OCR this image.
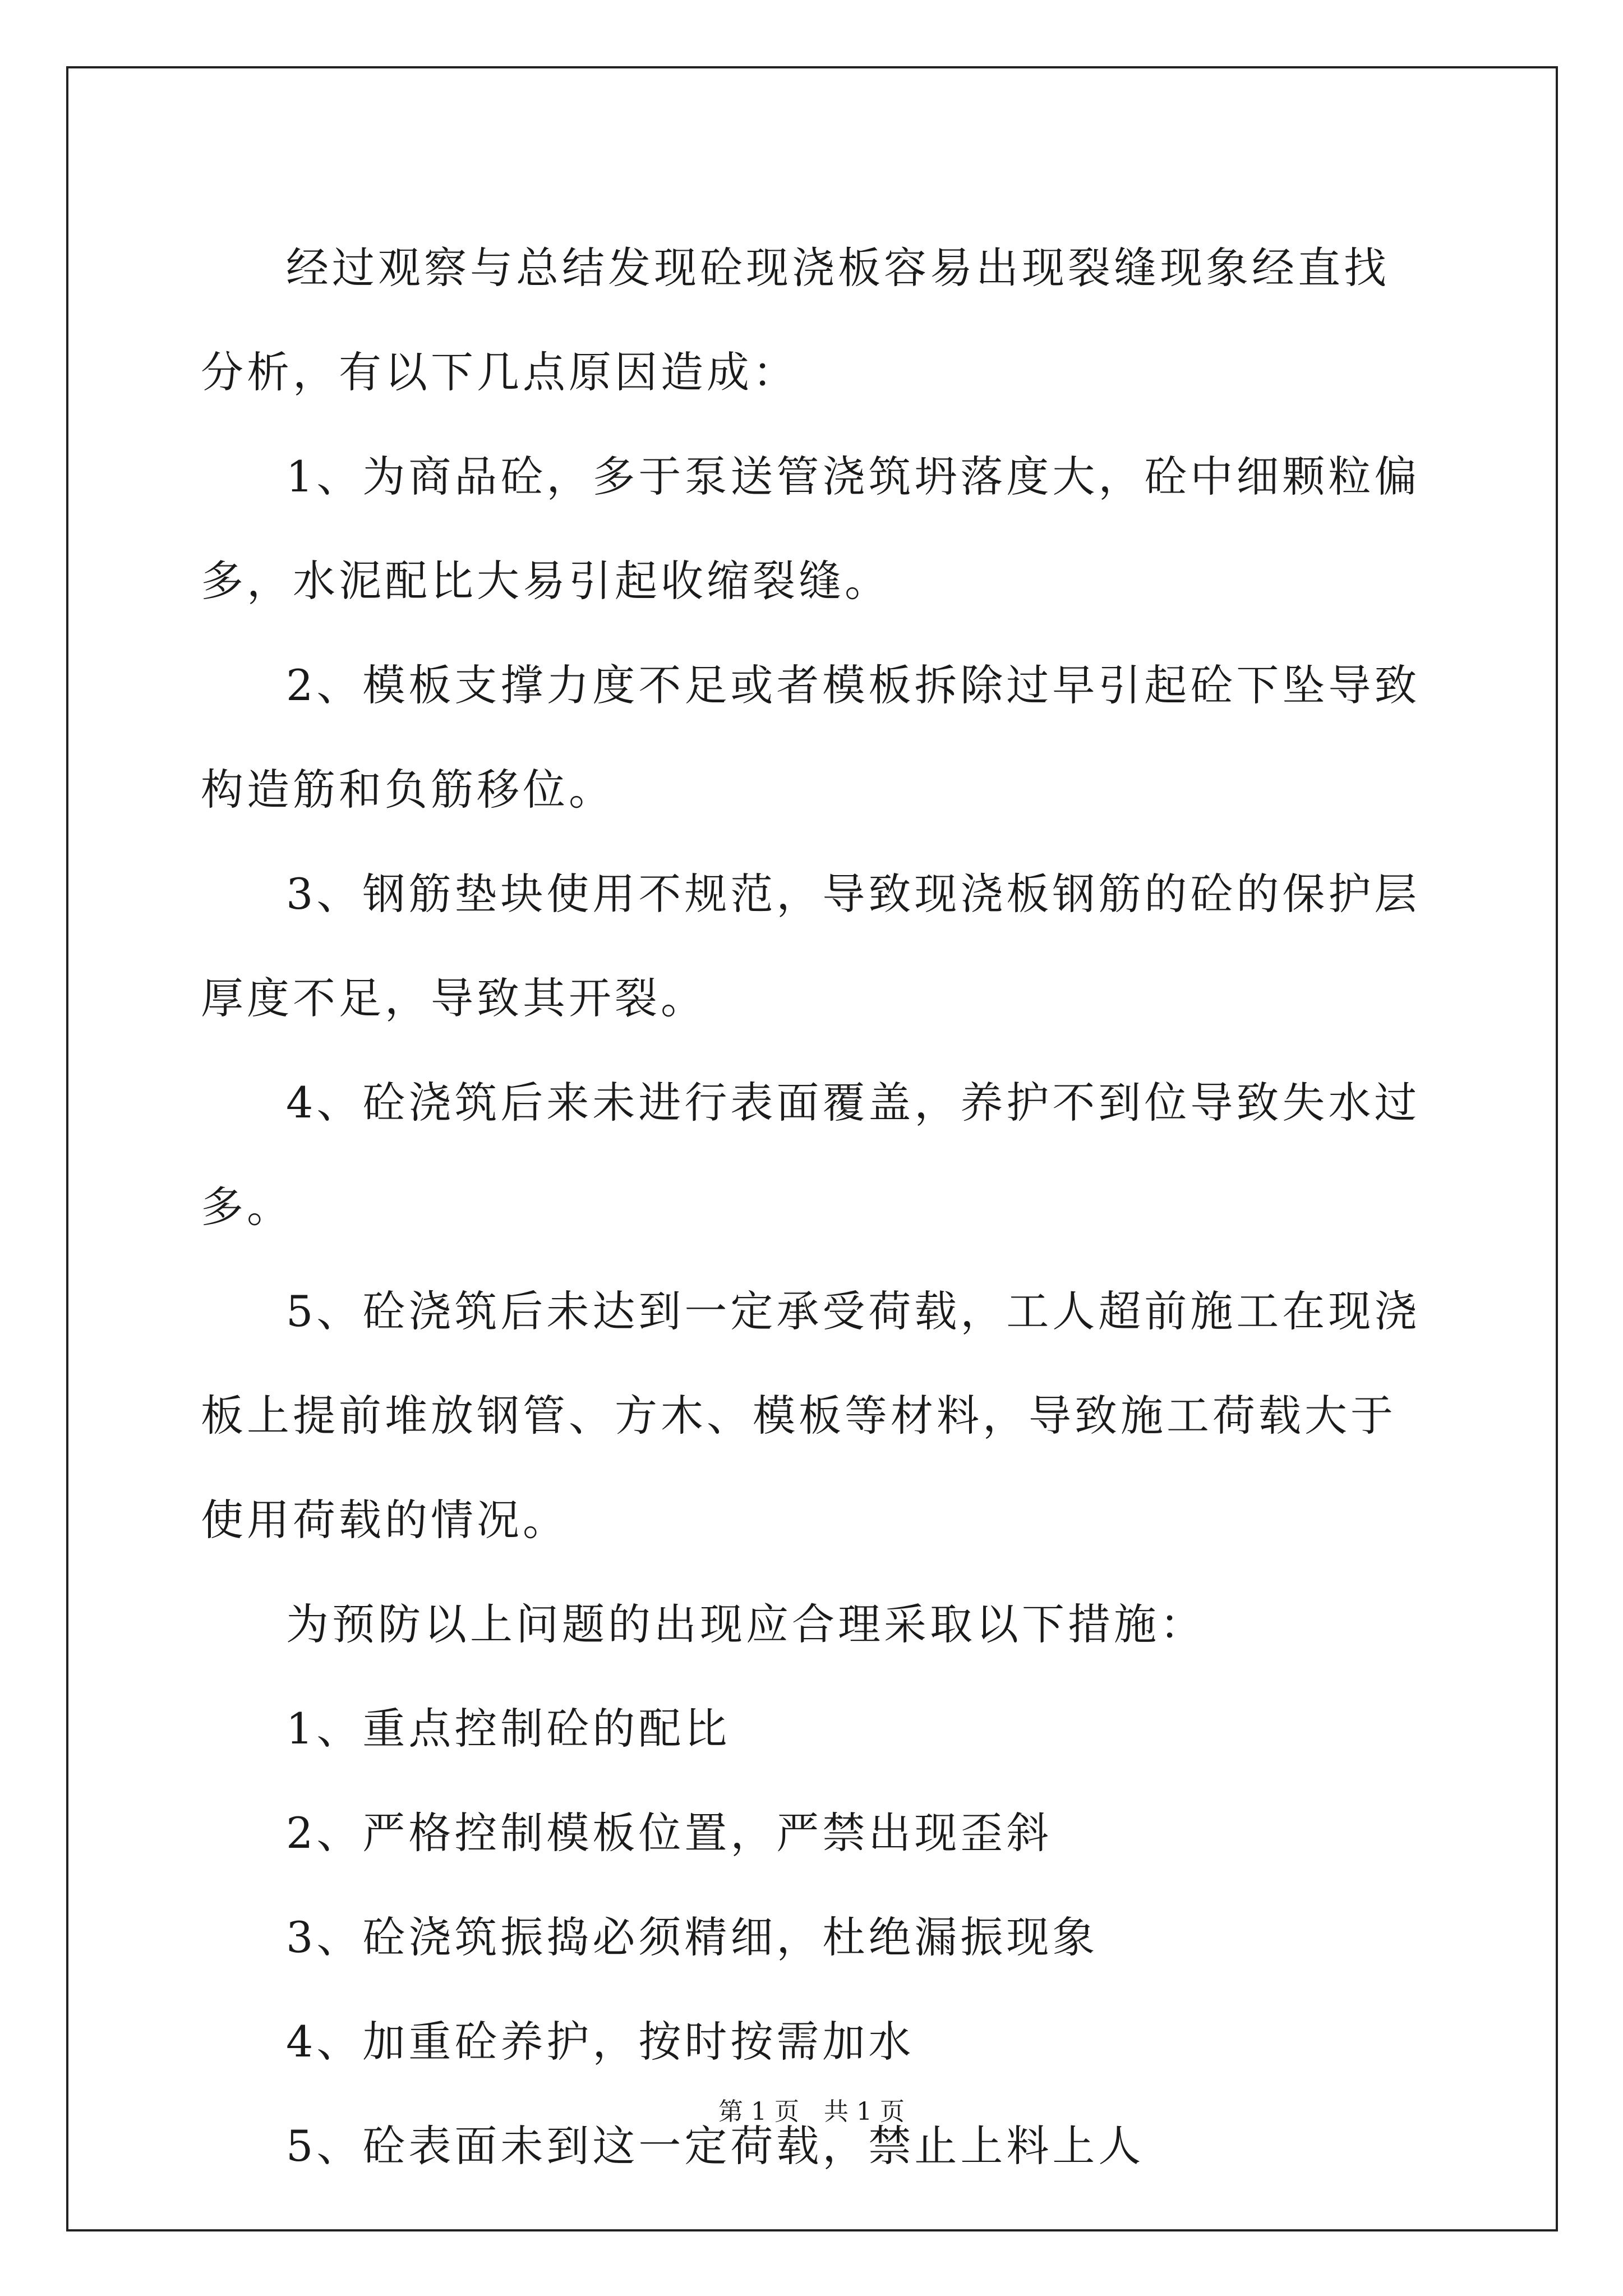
经过观察与总结发现砼现浇板容易出现裂缝现象经直找分析，有以下几点原因造成：

1、为商品砼，多于泵送管浇筑坍落度大，砼中细颗粒偏多，水泥配比大易引起收缩裂缝。

2、模板支撑力度不足或者模板拆除过早引起砼下坠导致构造筋和负筋移位。

3、钢筋垫块使用不规范，导致现浇板钢筋的砼的保护层厚度不足，导致其开裂。

4、砼浇筑后来未进行表面覆盖，养护不到位导致失水过多。

5、砼浇筑后未达到一定承受荷载，工人超前施工在现浇板上提前堆放钢管、方木、模板等材料，导致施工荷载大于使用荷载的情况。

为预防以上问题的出现应合理采取以下措施：

1、重点控制砼的配比

2、严格控制模板位置，严禁出现歪斜

3、砼浇筑振捣必须精细，杜绝漏振现象

4、加重砼养护，按时按需加水

5、砼表面未到这一定荷载，禁止上料上人

第 1 页　共 1 页
